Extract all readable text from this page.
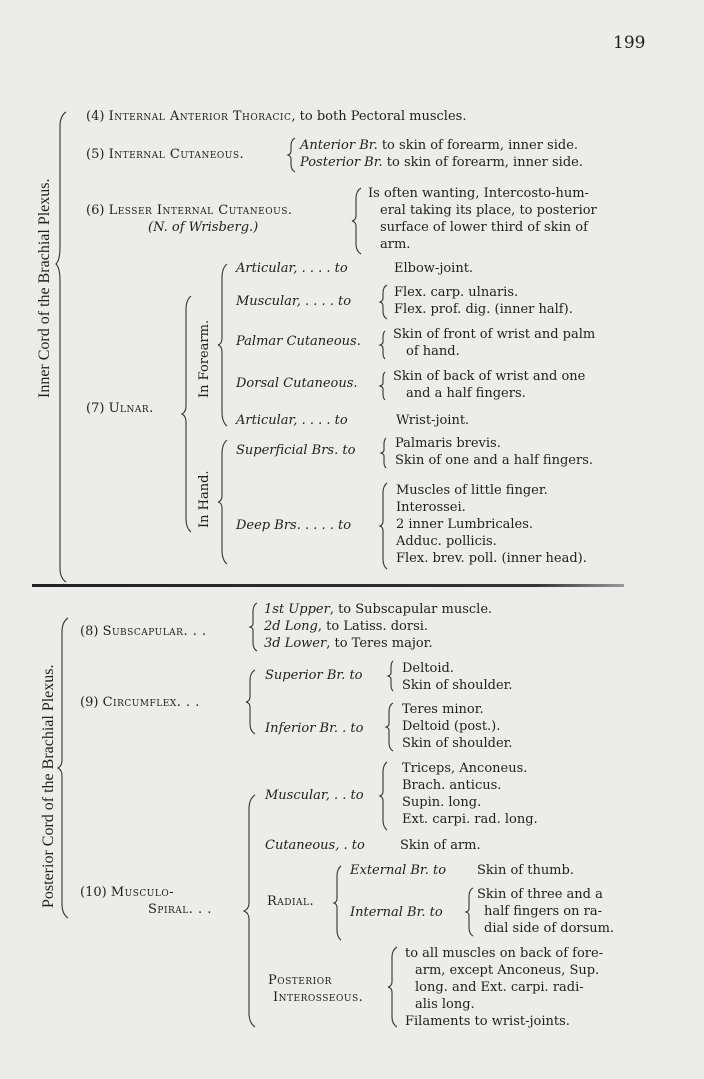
199
Inner Cord of the Brachial Plexus.
(4) Internal Anterior Thoracic, to both Pectoral muscles.
(5) Internal Cutaneous.
Anterior Br. to skin of forearm, inner side.
Posterior Br. to skin of forearm, inner side.
(6) Lesser Internal Cutaneous.
(N. of Wrisberg.)
Is often wanting, Intercosto-hum-
eral taking its place, to posterior
surface of lower third of skin of
arm.
(7) Ulnar.
In Forearm.
In Hand.
Articular, . . . . to	Elbow-joint.
Muscular, . . . . to
Flex. carp. ulnaris.
Flex. prof. dig. (inner half).
Palmar Cutaneous. Skin of front of wrist and palm
of hand.
Dorsal Cutaneous.	Skin of back of wrist and one
and a half fingers.
Articular, . . . . to	Wrist-joint.
Superficial Brs. to	Palmaris brevis.
Skin of one and a half fingers.
Deep Brs. . . . . to
Muscles of little finger.
Interossei.
2 inner Lumbricales.
Adduc. pollicis.
Flex. brev. poll. (inner head).
Posterior Cord of the Brachial Plexus.
(8) Subscapular. . .
1st Upper, to Subscapular muscle.
2d Long, to Latiss. dorsi.
3d Lower, to Teres major.
(9) Circumflex. . .
Superior Br. to	Deltoid.
Skin of shoulder.
Inferior Br. . to
Teres minor.
Deltoid (post.).
Skin of shoulder.
(10) Musculo-
Spiral. . .
Muscular, . . to
Triceps, Anconeus.
Brach. anticus.
Supin. long.
Ext. carpi. rad. long.
Cutaneous, . to	Skin of arm.
Radial.
External Br. to Skin of thumb.
Internal Br. to
Skin of three and a
half fingers on ra-
dial side of dorsum.
Posterior
Interosseous.
to all muscles on back of fore-
arm, except Anconeus, Sup.
long. and Ext. carpi. radi-
alis long.
Filaments to wrist-joints.
